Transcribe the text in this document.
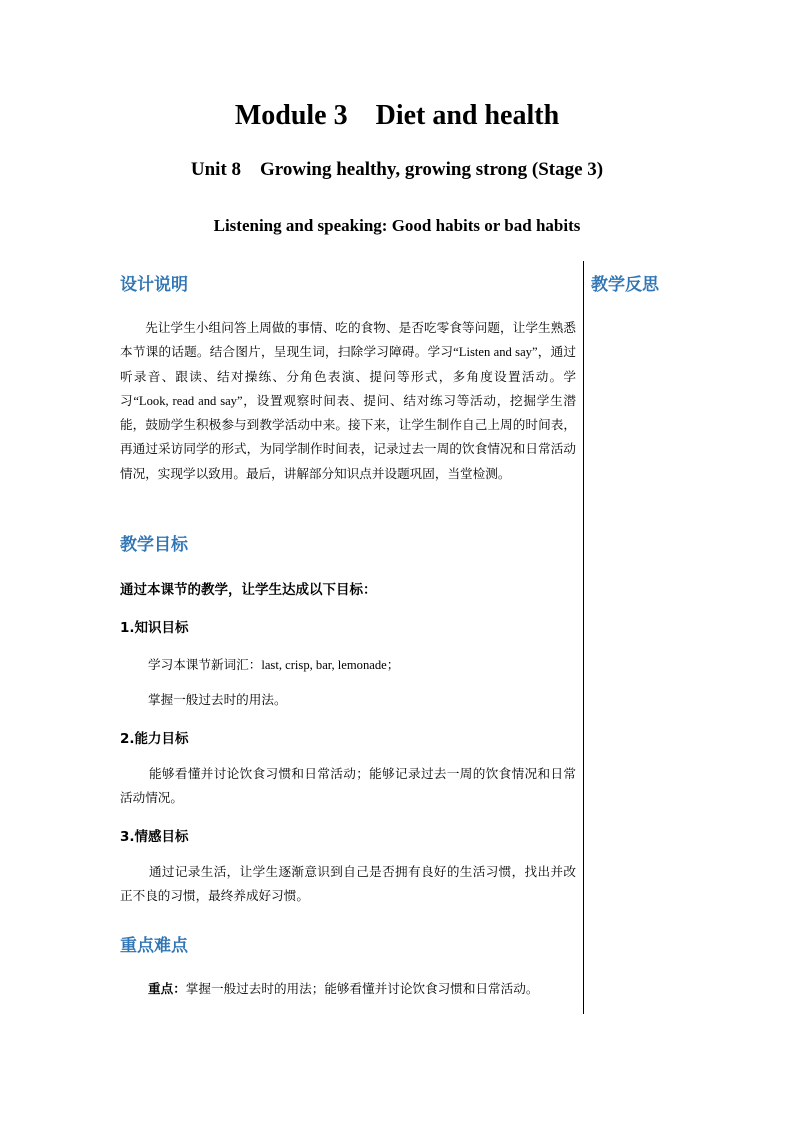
Module 3    Diet and health
Unit 8    Growing healthy, growing strong (Stage 3)
Listening and speaking: Good habits or bad habits
设计说明	教学反思
先让学生小组问答上周做的事情、吃的食物、是否吃零食等问题，让学生熟悉本节课的话题。结合图片，呈现生词，扫除学习障碍。学习“Listen and say”，通过听录音、跟读、结对操练、分角色表演、提问等形式，多角度设置活动。学习“Look, read and say”，设置观察时间表、提问、结对练习等活动，挖掘学生潜能，鼓励学生积极参与到教学活动中来。接下来，让学生制作自己上周的时间表，再通过采访同学的形式，为同学制作时间表，记录过去一周的饮食情况和日常活动情况，实现学以致用。最后，讲解部分知识点并设题巩固，当堂检测。
教学目标
通过本课节的教学，让学生达成以下目标：
1.知识目标
学习本课节新词汇：last, crisp, bar, lemonade；
掌握一般过去时的用法。
2.能力目标
能够看懂并讨论饮食习惯和日常活动；能够记录过去一周的饮食情况和日常活动情况。
3.情感目标
通过记录生活，让学生逐渐意识到自己是否拥有良好的生活习惯，找出并改正不良的习惯，最终养成好习惯。
重点难点
重点：掌握一般过去时的用法；能够看懂并讨论饮食习惯和日常活动。
